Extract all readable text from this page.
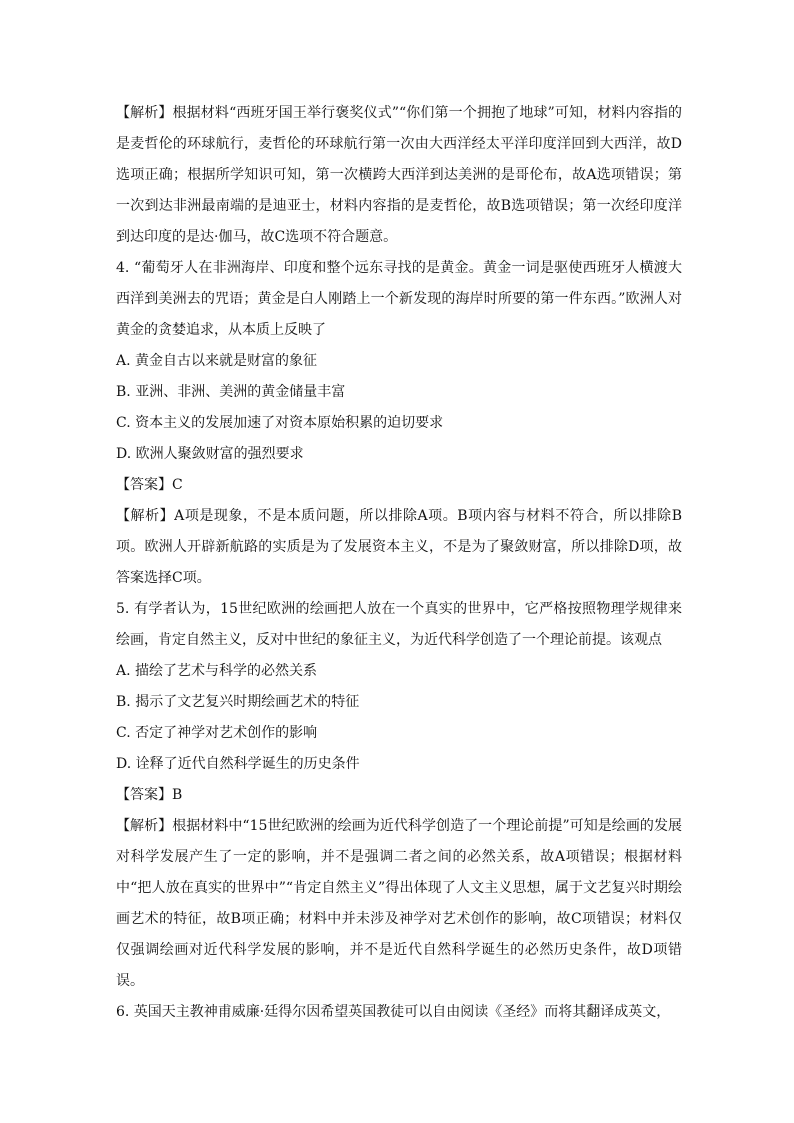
【解析】根据材料“西班牙国王举行褒奖仪式”“你们第一个拥抱了地球”可知，材料内容指的是麦哲伦的环球航行，麦哲伦的环球航行第一次由大西洋经太平洋印度洋回到大西洋，故D选项正确；根据所学知识可知，第一次横跨大西洋到达美洲的是哥伦布，故A选项错误；第一次到达非洲最南端的是迪亚士，材料内容指的是麦哲伦，故B选项错误；第一次经印度洋到达印度的是达·伽马，故C选项不符合题意。

4. “葡萄牙人在非洲海岸、印度和整个远东寻找的是黄金。黄金一词是驱使西班牙人横渡大西洋到美洲去的咒语；黄金是白人刚踏上一个新发现的海岸时所要的第一件东西。”欧洲人对黄金的贪婪追求，从本质上反映了

A. 黄金自古以来就是财富的象征

B. 亚洲、非洲、美洲的黄金储量丰富

C. 资本主义的发展加速了对资本原始积累的迫切要求

D. 欧洲人聚敛财富的强烈要求

【答案】C

【解析】A项是现象，不是本质问题，所以排除A项。B项内容与材料不符合，所以排除B项。欧洲人开辟新航路的实质是为了发展资本主义，不是为了聚敛财富，所以排除D项，故答案选择C项。

5. 有学者认为，15世纪欧洲的绘画把人放在一个真实的世界中，它严格按照物理学规律来绘画，肯定自然主义，反对中世纪的象征主义，为近代科学创造了一个理论前提。该观点

A. 描绘了艺术与科学的必然关系

B. 揭示了文艺复兴时期绘画艺术的特征

C. 否定了神学对艺术创作的影响

D. 诠释了近代自然科学诞生的历史条件

【答案】B

【解析】根据材料中“15世纪欧洲的绘画为近代科学创造了一个理论前提”可知是绘画的发展对科学发展产生了一定的影响，并不是强调二者之间的必然关系，故A项错误；根据材料中“把人放在真实的世界中”“肯定自然主义”得出体现了人文主义思想，属于文艺复兴时期绘画艺术的特征，故B项正确；材料中并未涉及神学对艺术创作的影响，故C项错误；材料仅仅强调绘画对近代科学发展的影响，并不是近代自然科学诞生的必然历史条件，故D项错误。

6. 英国天主教神甫威廉·廷得尔因希望英国教徒可以自由阅读《圣经》而将其翻译成英文，
